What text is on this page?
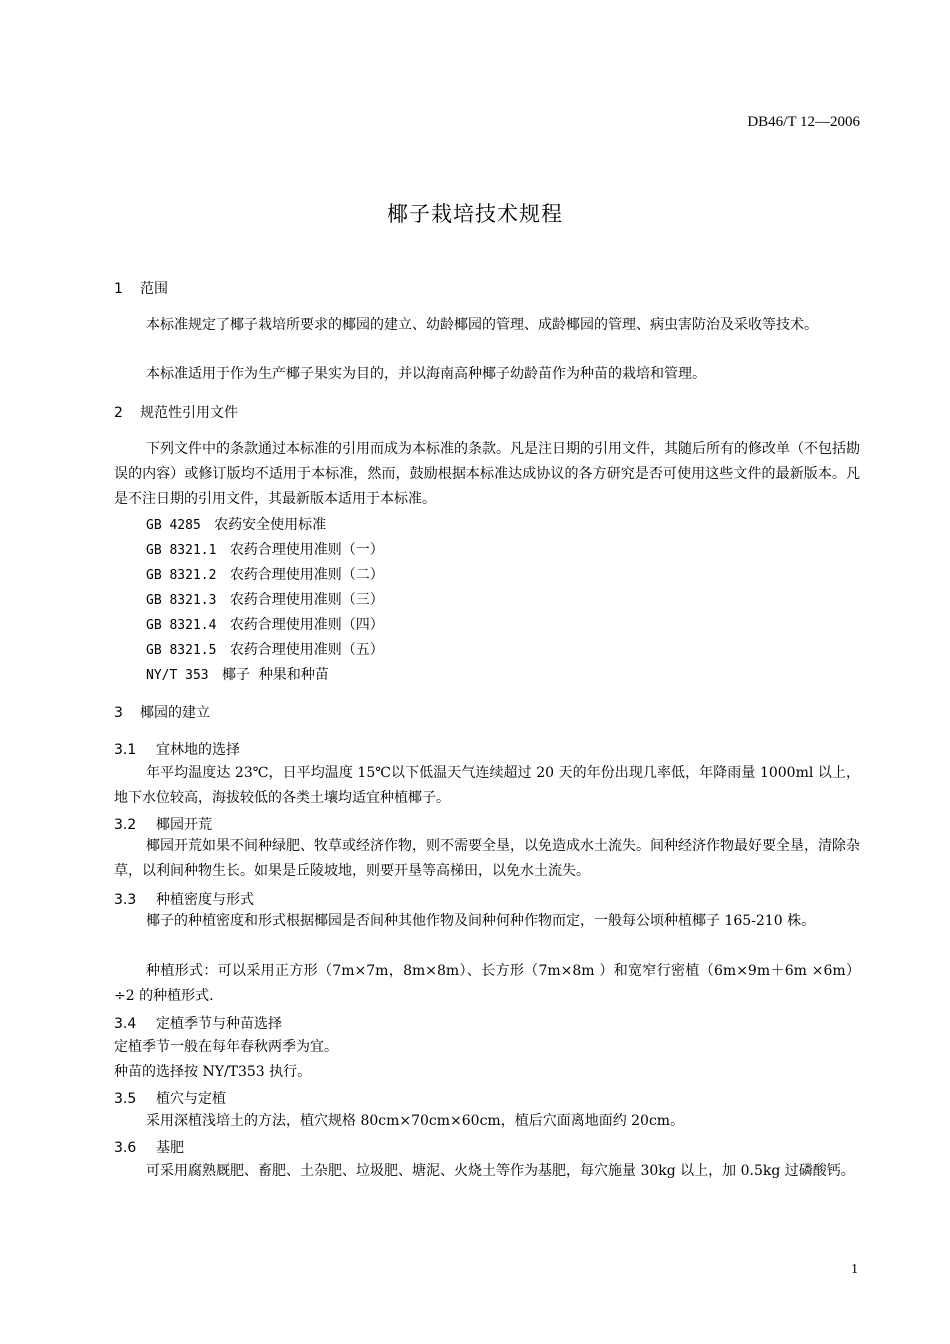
DB46/T 12—2006
椰子栽培技术规程
1 范围
本标准规定了椰子栽培所要求的椰园的建立、幼龄椰园的管理、成龄椰园的管理、病虫害防治及采收等技术。
本标准适用于作为生产椰子果实为目的，并以海南高种椰子幼龄苗作为种苗的栽培和管理。
2 规范性引用文件
下列文件中的条款通过本标准的引用而成为本标准的条款。凡是注日期的引用文件，其随后所有的修改单（不包括勘误的内容）或修订版均不适用于本标准，然而，鼓励根据本标准达成协议的各方研究是否可使用这些文件的最新版本。凡是不注日期的引用文件，其最新版本适用于本标准。
GB 4285 农药安全使用标准
GB 8321.1 农药合理使用准则（一）
GB 8321.2 农药合理使用准则（二）
GB 8321.3 农药合理使用准则（三）
GB 8321.4 农药合理使用准则（四）
GB 8321.5 农药合理使用准则（五）
NY/T 353 椰子  种果和种苗
3 椰园的建立
3.1 宜林地的选择
年平均温度达 23℃，日平均温度 15℃以下低温天气连续超过 20 天的年份出现几率低，年降雨量 1000ml 以上，地下水位较高，海拔较低的各类土壤均适宜种植椰子。
3.2 椰园开荒
椰园开荒如果不间种绿肥、牧草或经济作物，则不需要全垦，以免造成水土流失。间种经济作物最好要全垦，清除杂草，以利间种物生长。如果是丘陵坡地，则要开垦等高梯田，以免水土流失。
3.3 种植密度与形式
椰子的种植密度和形式根据椰园是否间种其他作物及间种何种作物而定，一般每公顷种植椰子 165-210 株。
种植形式：可以采用正方形（7m×7m，8m×8m）、长方形（7m×8m ）和宽窄行密植（6m×9m＋6m ×6m）÷2 的种植形式.
3.4 定植季节与种苗选择
定植季节一般在每年春秋两季为宜。
种苗的选择按 NY/T353 执行。
3.5 植穴与定植
采用深植浅培土的方法，植穴规格 80cm×70cm×60cm，植后穴面离地面约 20cm。
3.6 基肥
可采用腐熟厩肥、畜肥、土杂肥、垃圾肥、塘泥、火烧土等作为基肥，每穴施量 30kg 以上，加 0.5kg 过磷酸钙。
1
